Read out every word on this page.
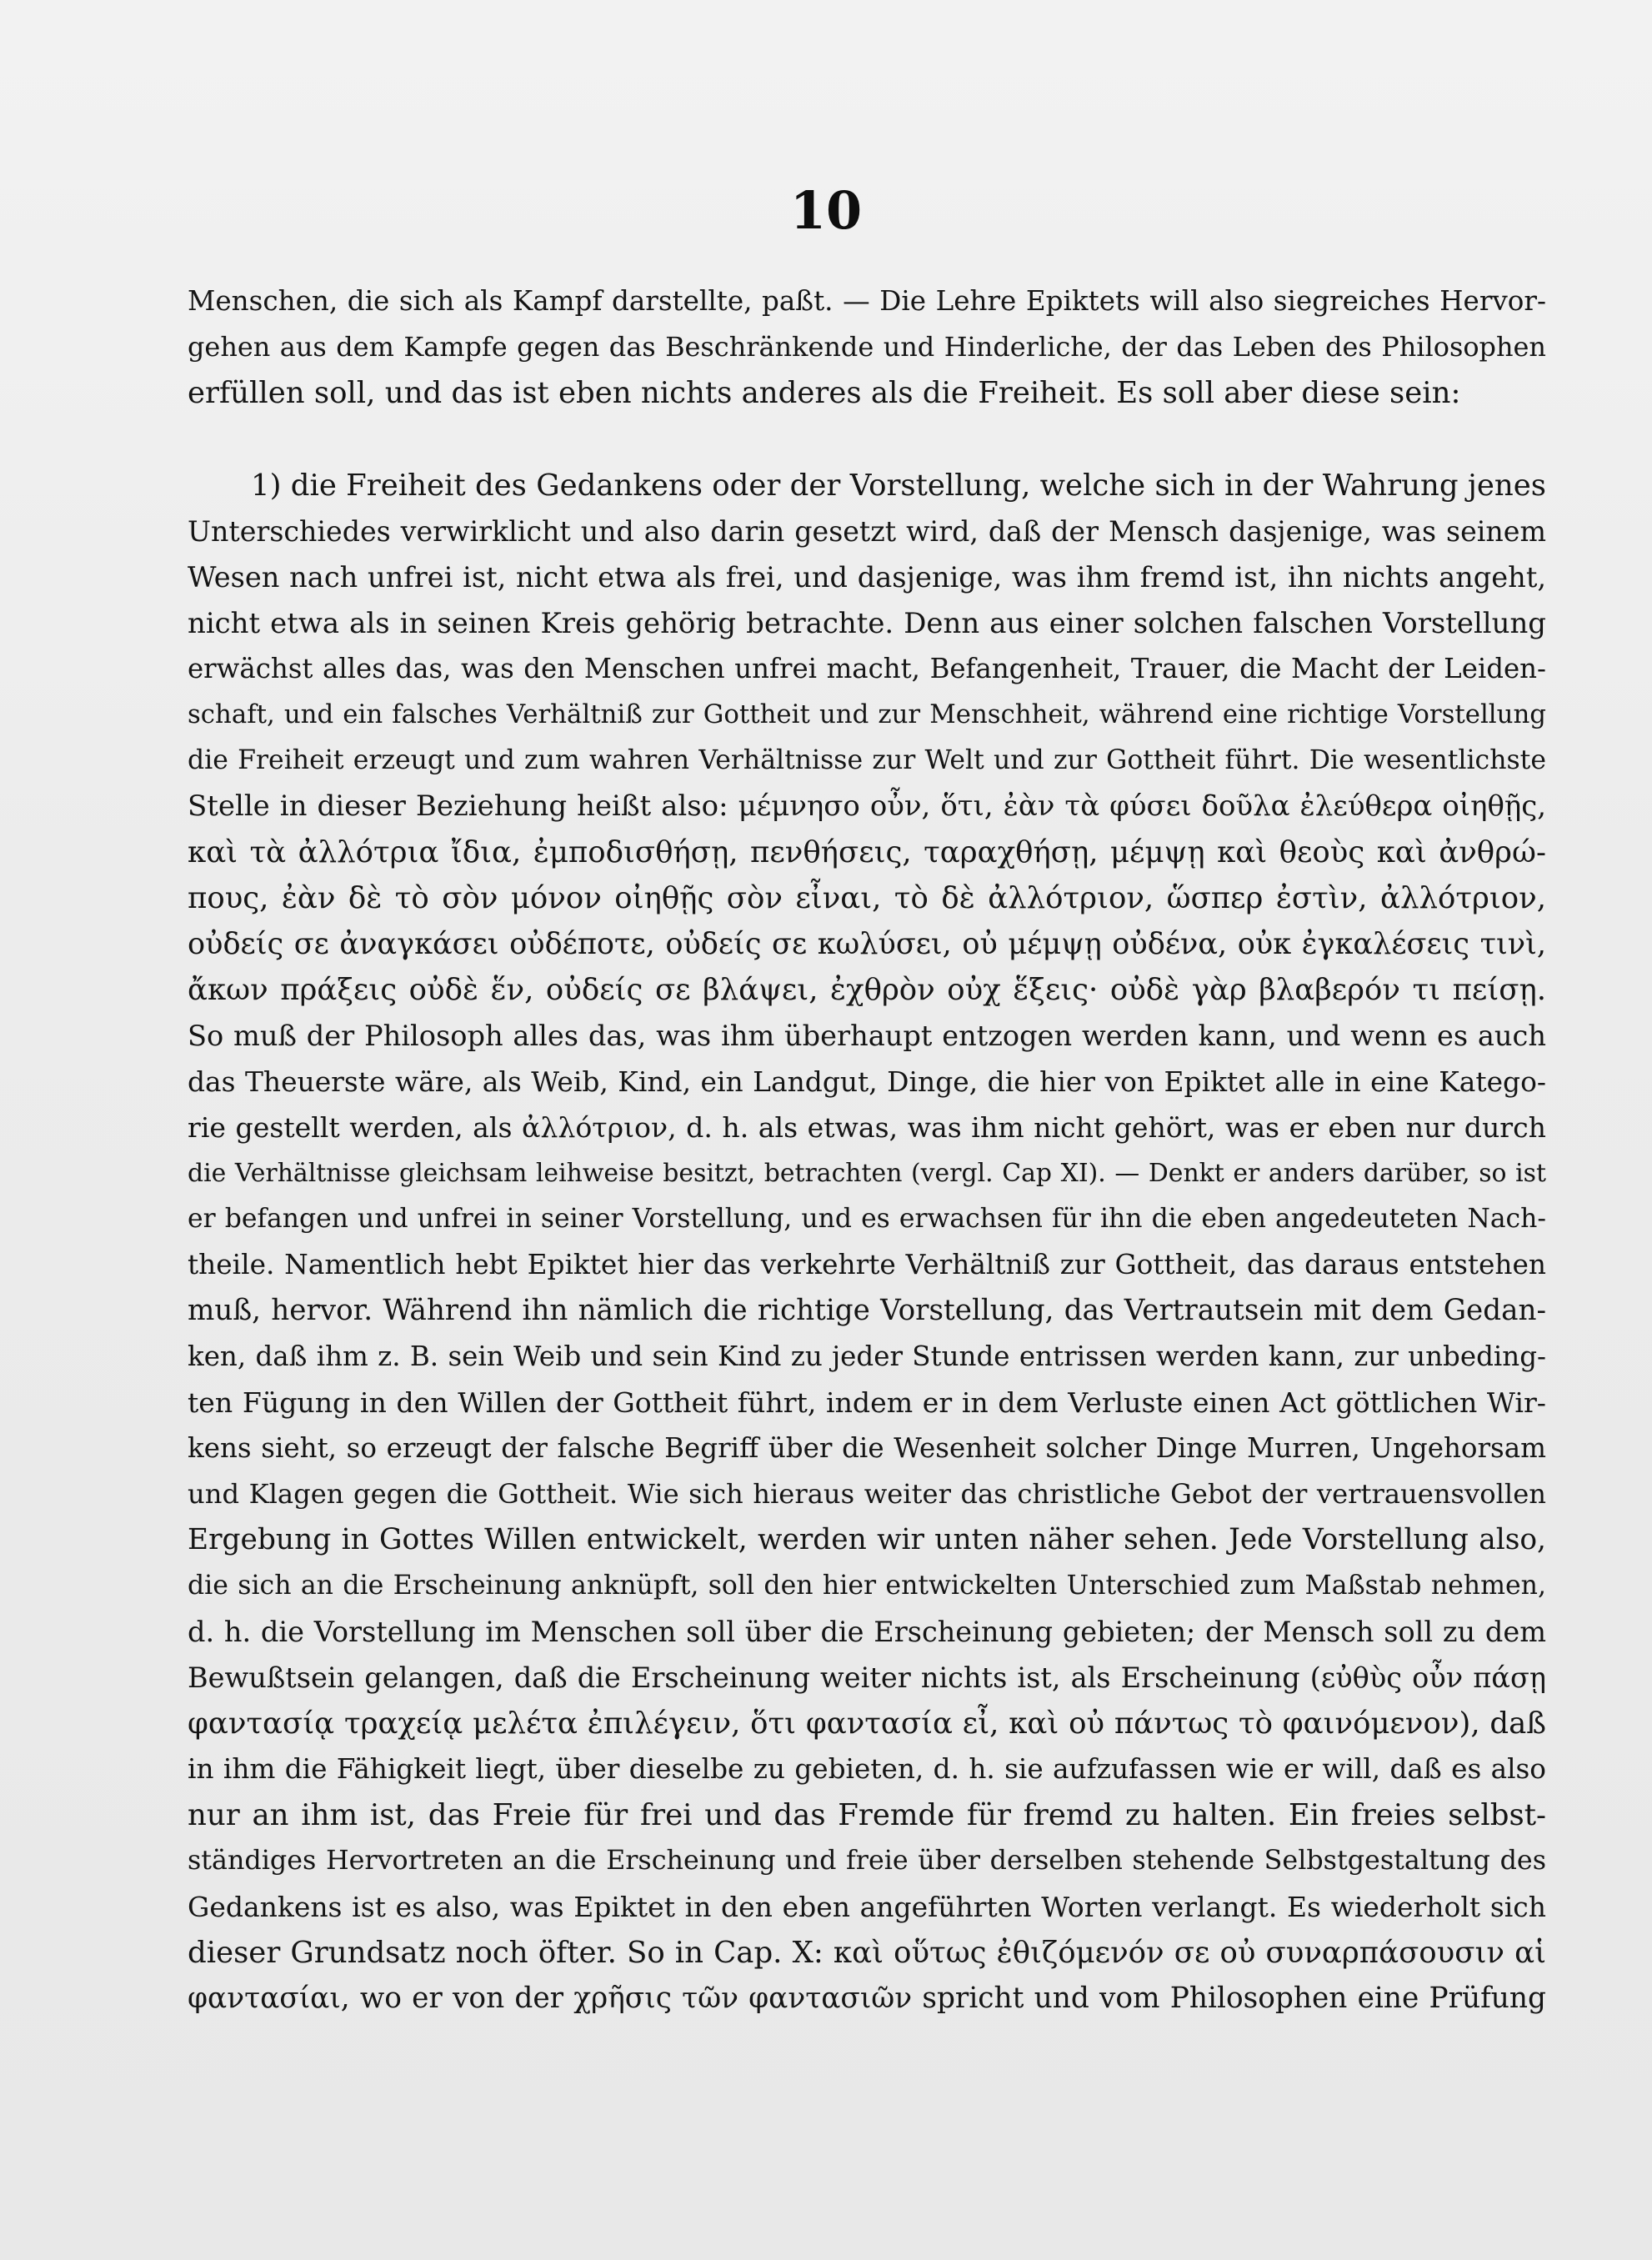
10
Menschen, die sich als Kampf darstellte, paßt. — Die Lehre Epiktets will also siegreiches Hervor-
gehen aus dem Kampfe gegen das Beschränkende und Hinderliche, der das Leben des Philosophen
erfüllen soll, und das ist eben nichts anderes als die Freiheit. Es soll aber diese sein:
1) die Freiheit des Gedankens oder der Vorstellung, welche sich in der Wahrung jenes
Unterschiedes verwirklicht und also darin gesetzt wird, daß der Mensch dasjenige, was seinem
Wesen nach unfrei ist, nicht etwa als frei, und dasjenige, was ihm fremd ist, ihn nichts angeht,
nicht etwa als in seinen Kreis gehörig betrachte. Denn aus einer solchen falschen Vorstellung
erwächst alles das, was den Menschen unfrei macht, Befangenheit, Trauer, die Macht der Leiden-
schaft, und ein falsches Verhältniß zur Gottheit und zur Menschheit, während eine richtige Vorstellung
die Freiheit erzeugt und zum wahren Verhältnisse zur Welt und zur Gottheit führt. Die wesentlichste
Stelle in dieser Beziehung heißt also: μέμνησο οὖν, ὅτι, ἐὰν τὰ φύσει δοῦλα ἐλεύθερα οἰηθῇς,
καὶ τὰ ἀλλότρια ἴδια, ἐμποδισθήσῃ, πενθήσεις, ταραχθήσῃ, μέμψῃ καὶ θεοὺς καὶ ἀνθρώ-
πους, ἐὰν δὲ τὸ σὸν μόνον οἰηθῇς σὸν εἶναι, τὸ δὲ ἀλλότριον, ὥσπερ ἐστὶν, ἀλλότριον,
οὐδείς σε ἀναγκάσει οὐδέποτε, οὐδείς σε κωλύσει, οὐ μέμψῃ οὐδένα, οὐκ ἐγκαλέσεις τινὶ,
ἄκων πράξεις οὐδὲ ἕν, οὐδείς σε βλάψει, ἐχθρὸν οὐχ ἕξεις· οὐδὲ γὰρ βλαβερόν τι πείσῃ.
So muß der Philosoph alles das, was ihm überhaupt entzogen werden kann, und wenn es auch
das Theuerste wäre, als Weib, Kind, ein Landgut, Dinge, die hier von Epiktet alle in eine Katego-
rie gestellt werden, als ἀλλότριον, d. h. als etwas, was ihm nicht gehört, was er eben nur durch
die Verhältnisse gleichsam leihweise besitzt, betrachten (vergl. Cap XI). — Denkt er anders darüber, so ist
er befangen und unfrei in seiner Vorstellung, und es erwachsen für ihn die eben angedeuteten Nach-
theile. Namentlich hebt Epiktet hier das verkehrte Verhältniß zur Gottheit, das daraus entstehen
muß, hervor. Während ihn nämlich die richtige Vorstellung, das Vertrautsein mit dem Gedan-
ken, daß ihm z. B. sein Weib und sein Kind zu jeder Stunde entrissen werden kann, zur unbeding-
ten Fügung in den Willen der Gottheit führt, indem er in dem Verluste einen Act göttlichen Wir-
kens sieht, so erzeugt der falsche Begriff über die Wesenheit solcher Dinge Murren, Ungehorsam
und Klagen gegen die Gottheit. Wie sich hieraus weiter das christliche Gebot der vertrauensvollen
Ergebung in Gottes Willen entwickelt, werden wir unten näher sehen. Jede Vorstellung also,
die sich an die Erscheinung anknüpft, soll den hier entwickelten Unterschied zum Maßstab nehmen,
d. h. die Vorstellung im Menschen soll über die Erscheinung gebieten; der Mensch soll zu dem
Bewußtsein gelangen, daß die Erscheinung weiter nichts ist, als Erscheinung (εὐθὺς οὖν πάσῃ
φαντασίᾳ τραχείᾳ μελέτα ἐπιλέγειν, ὅτι φαντασία εἶ, καὶ οὐ πάντως τὸ φαινόμενον), daß
in ihm die Fähigkeit liegt, über dieselbe zu gebieten, d. h. sie aufzufassen wie er will, daß es also
nur an ihm ist, das Freie für frei und das Fremde für fremd zu halten. Ein freies selbst-
ständiges Hervortreten an die Erscheinung und freie über derselben stehende Selbstgestaltung des
Gedankens ist es also, was Epiktet in den eben angeführten Worten verlangt. Es wiederholt sich
dieser Grundsatz noch öfter. So in Cap. X: καὶ οὕτως ἐθιζόμενόν σε οὐ συναρπάσουσιν αἱ
φαντασίαι, wo er von der χρῆσις τῶν φαντασιῶν spricht und vom Philosophen eine Prüfung
